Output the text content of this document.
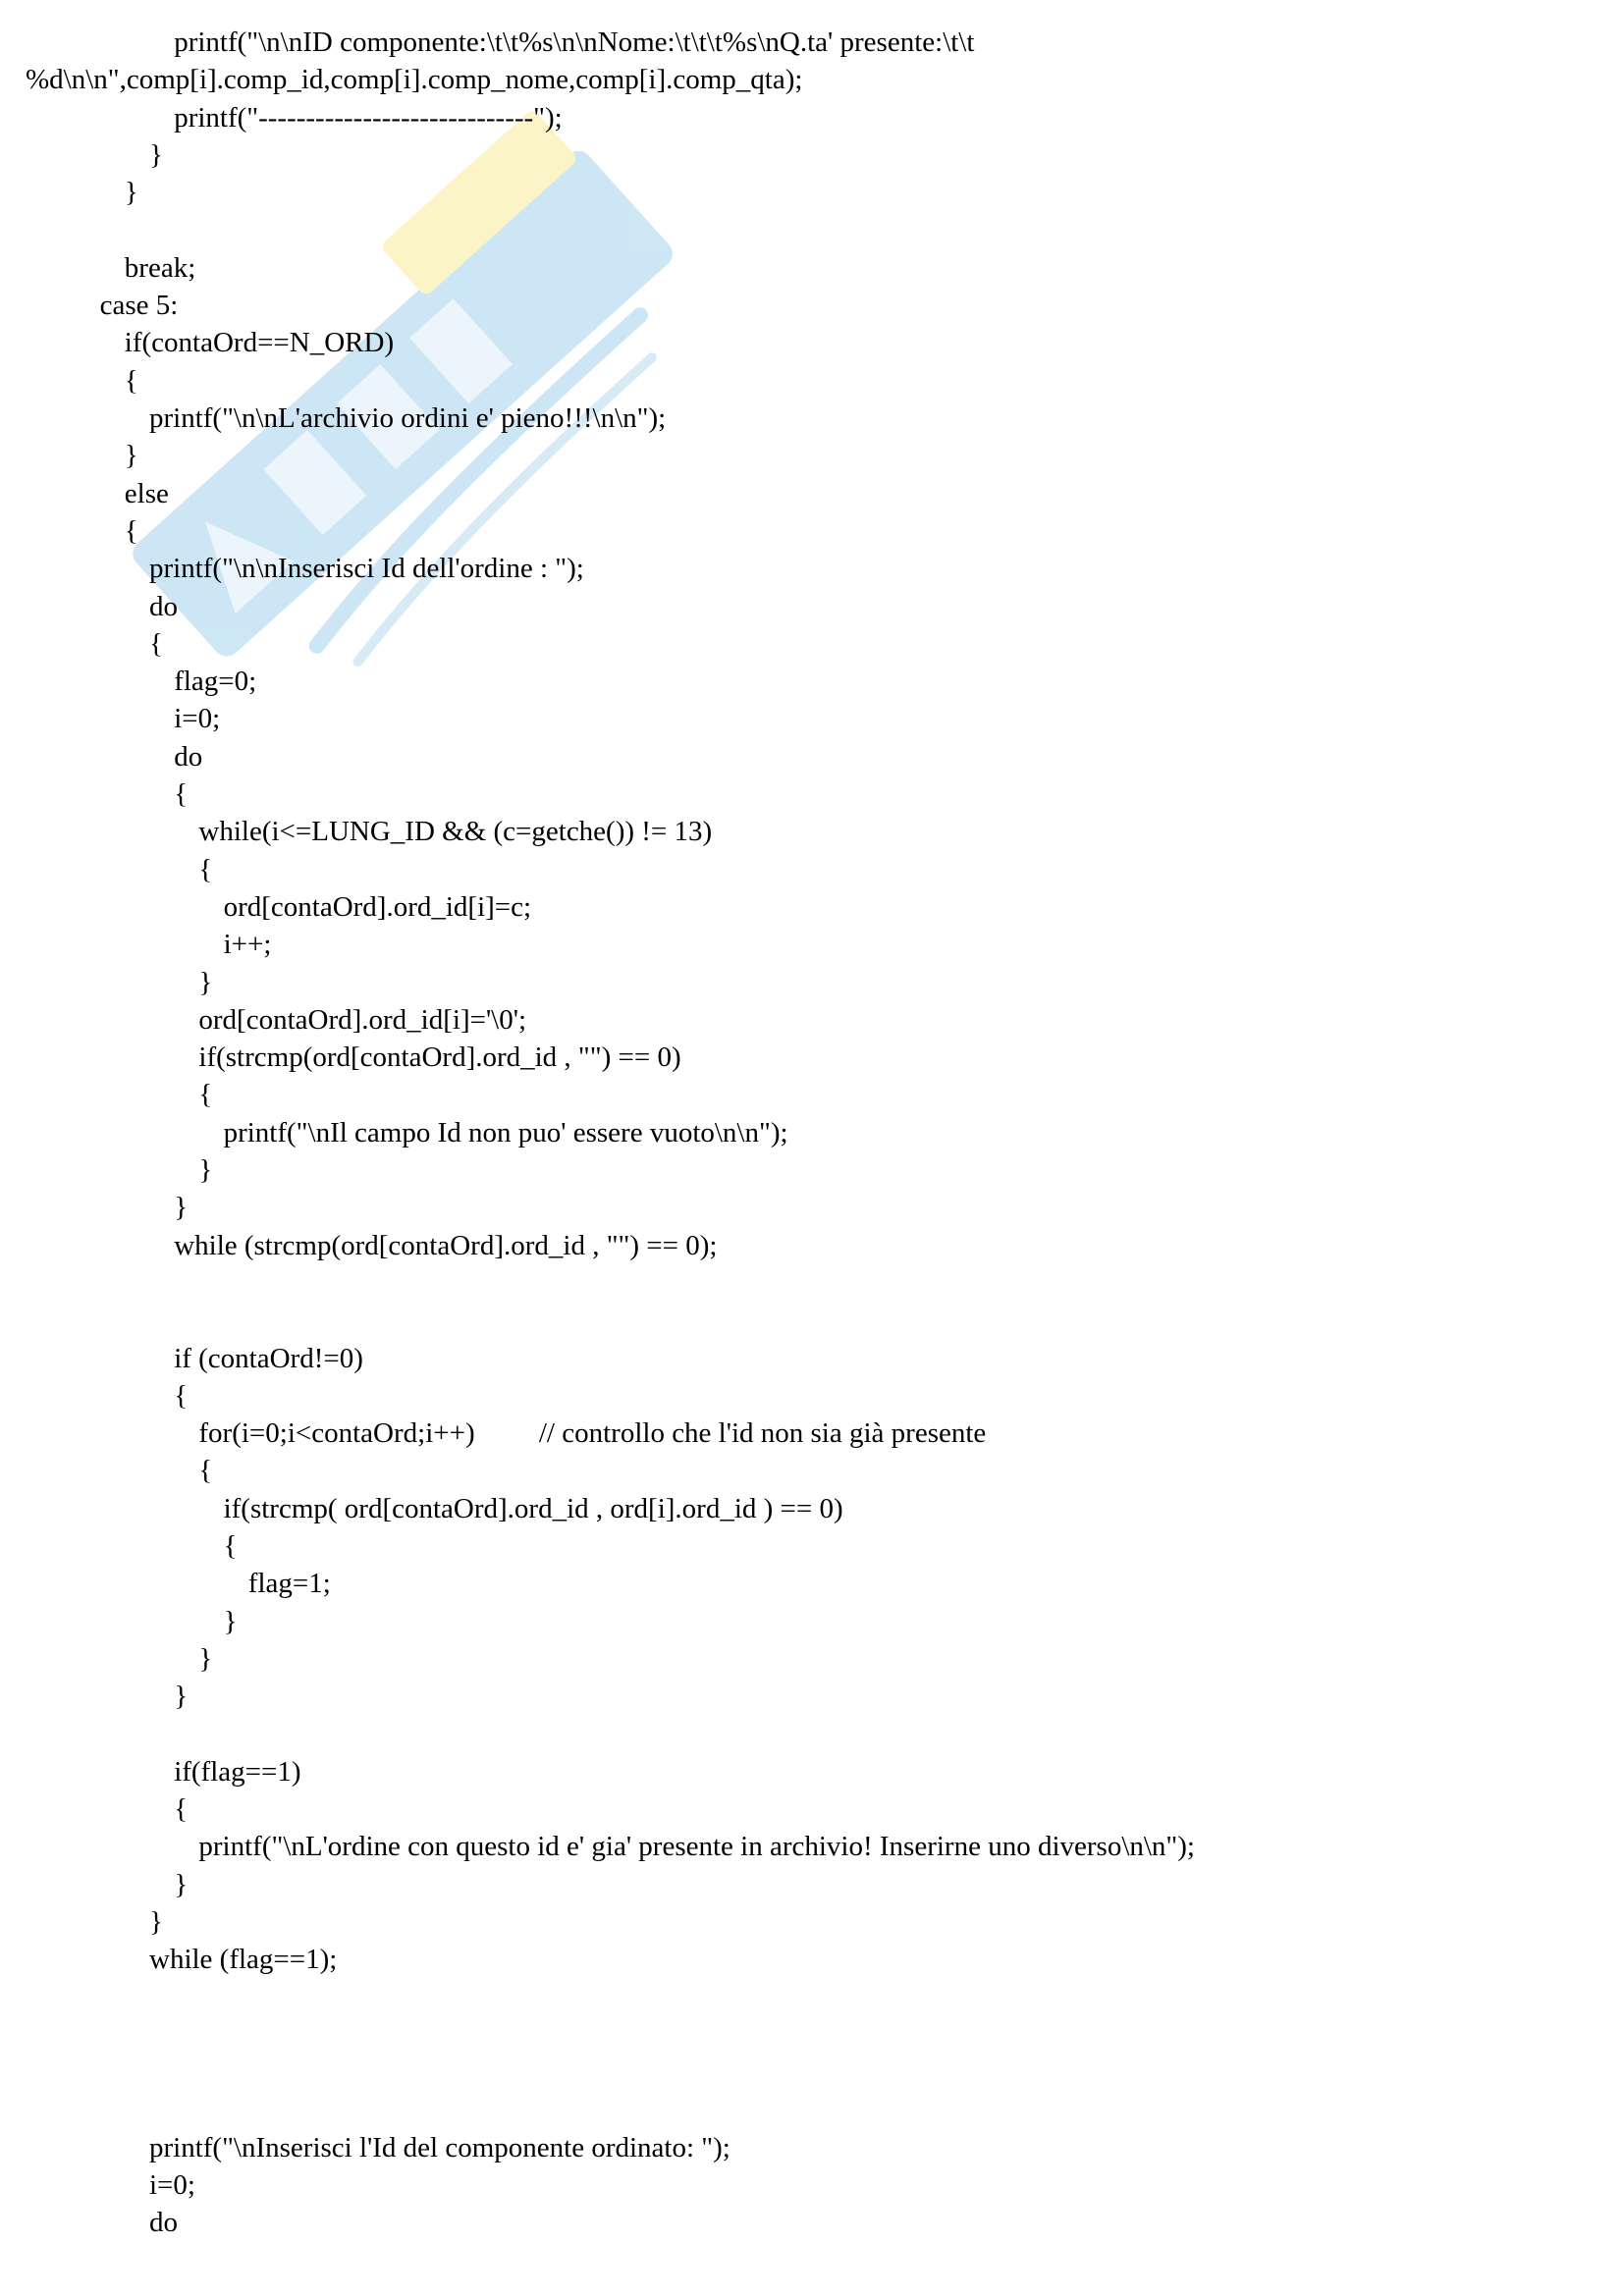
printf("\n\nID componente:\t\t%s\n\nNome:\t\t\t%s\nQ.ta' presente:\t\t
%d\n\n",comp[i].comp_id,comp[i].comp_nome,comp[i].comp_qta);
printf("-----------------------------");
}
}
break;
case 5:
if(contaOrd==N_ORD)
{
printf("\n\nL'archivio ordini e' pieno!!!\n\n");
}
else
{
printf("\n\nInserisci Id dell'ordine : ");
do
{
flag=0;
i=0;
do
{
while(i<=LUNG_ID && (c=getche()) != 13)
{
ord[contaOrd].ord_id[i]=c;
i++;
}
ord[contaOrd].ord_id[i]='\0';
if(strcmp(ord[contaOrd].ord_id , "") == 0)
{
printf("\nIl campo Id non puo' essere vuoto\n\n");
}
}
while (strcmp(ord[contaOrd].ord_id , "") == 0);
if (contaOrd!=0)
{
for(i=0;i<contaOrd;i++)         // controllo che l'id non sia già presente
{
if(strcmp( ord[contaOrd].ord_id , ord[i].ord_id ) == 0)
{
flag=1;
}
}
}
if(flag==1)
{
printf("\nL'ordine con questo id e' gia' presente in archivio! Inserirne uno diverso\n\n");
}
}
while (flag==1);
printf("\nInserisci l'Id del componente ordinato: ");
i=0;
do
